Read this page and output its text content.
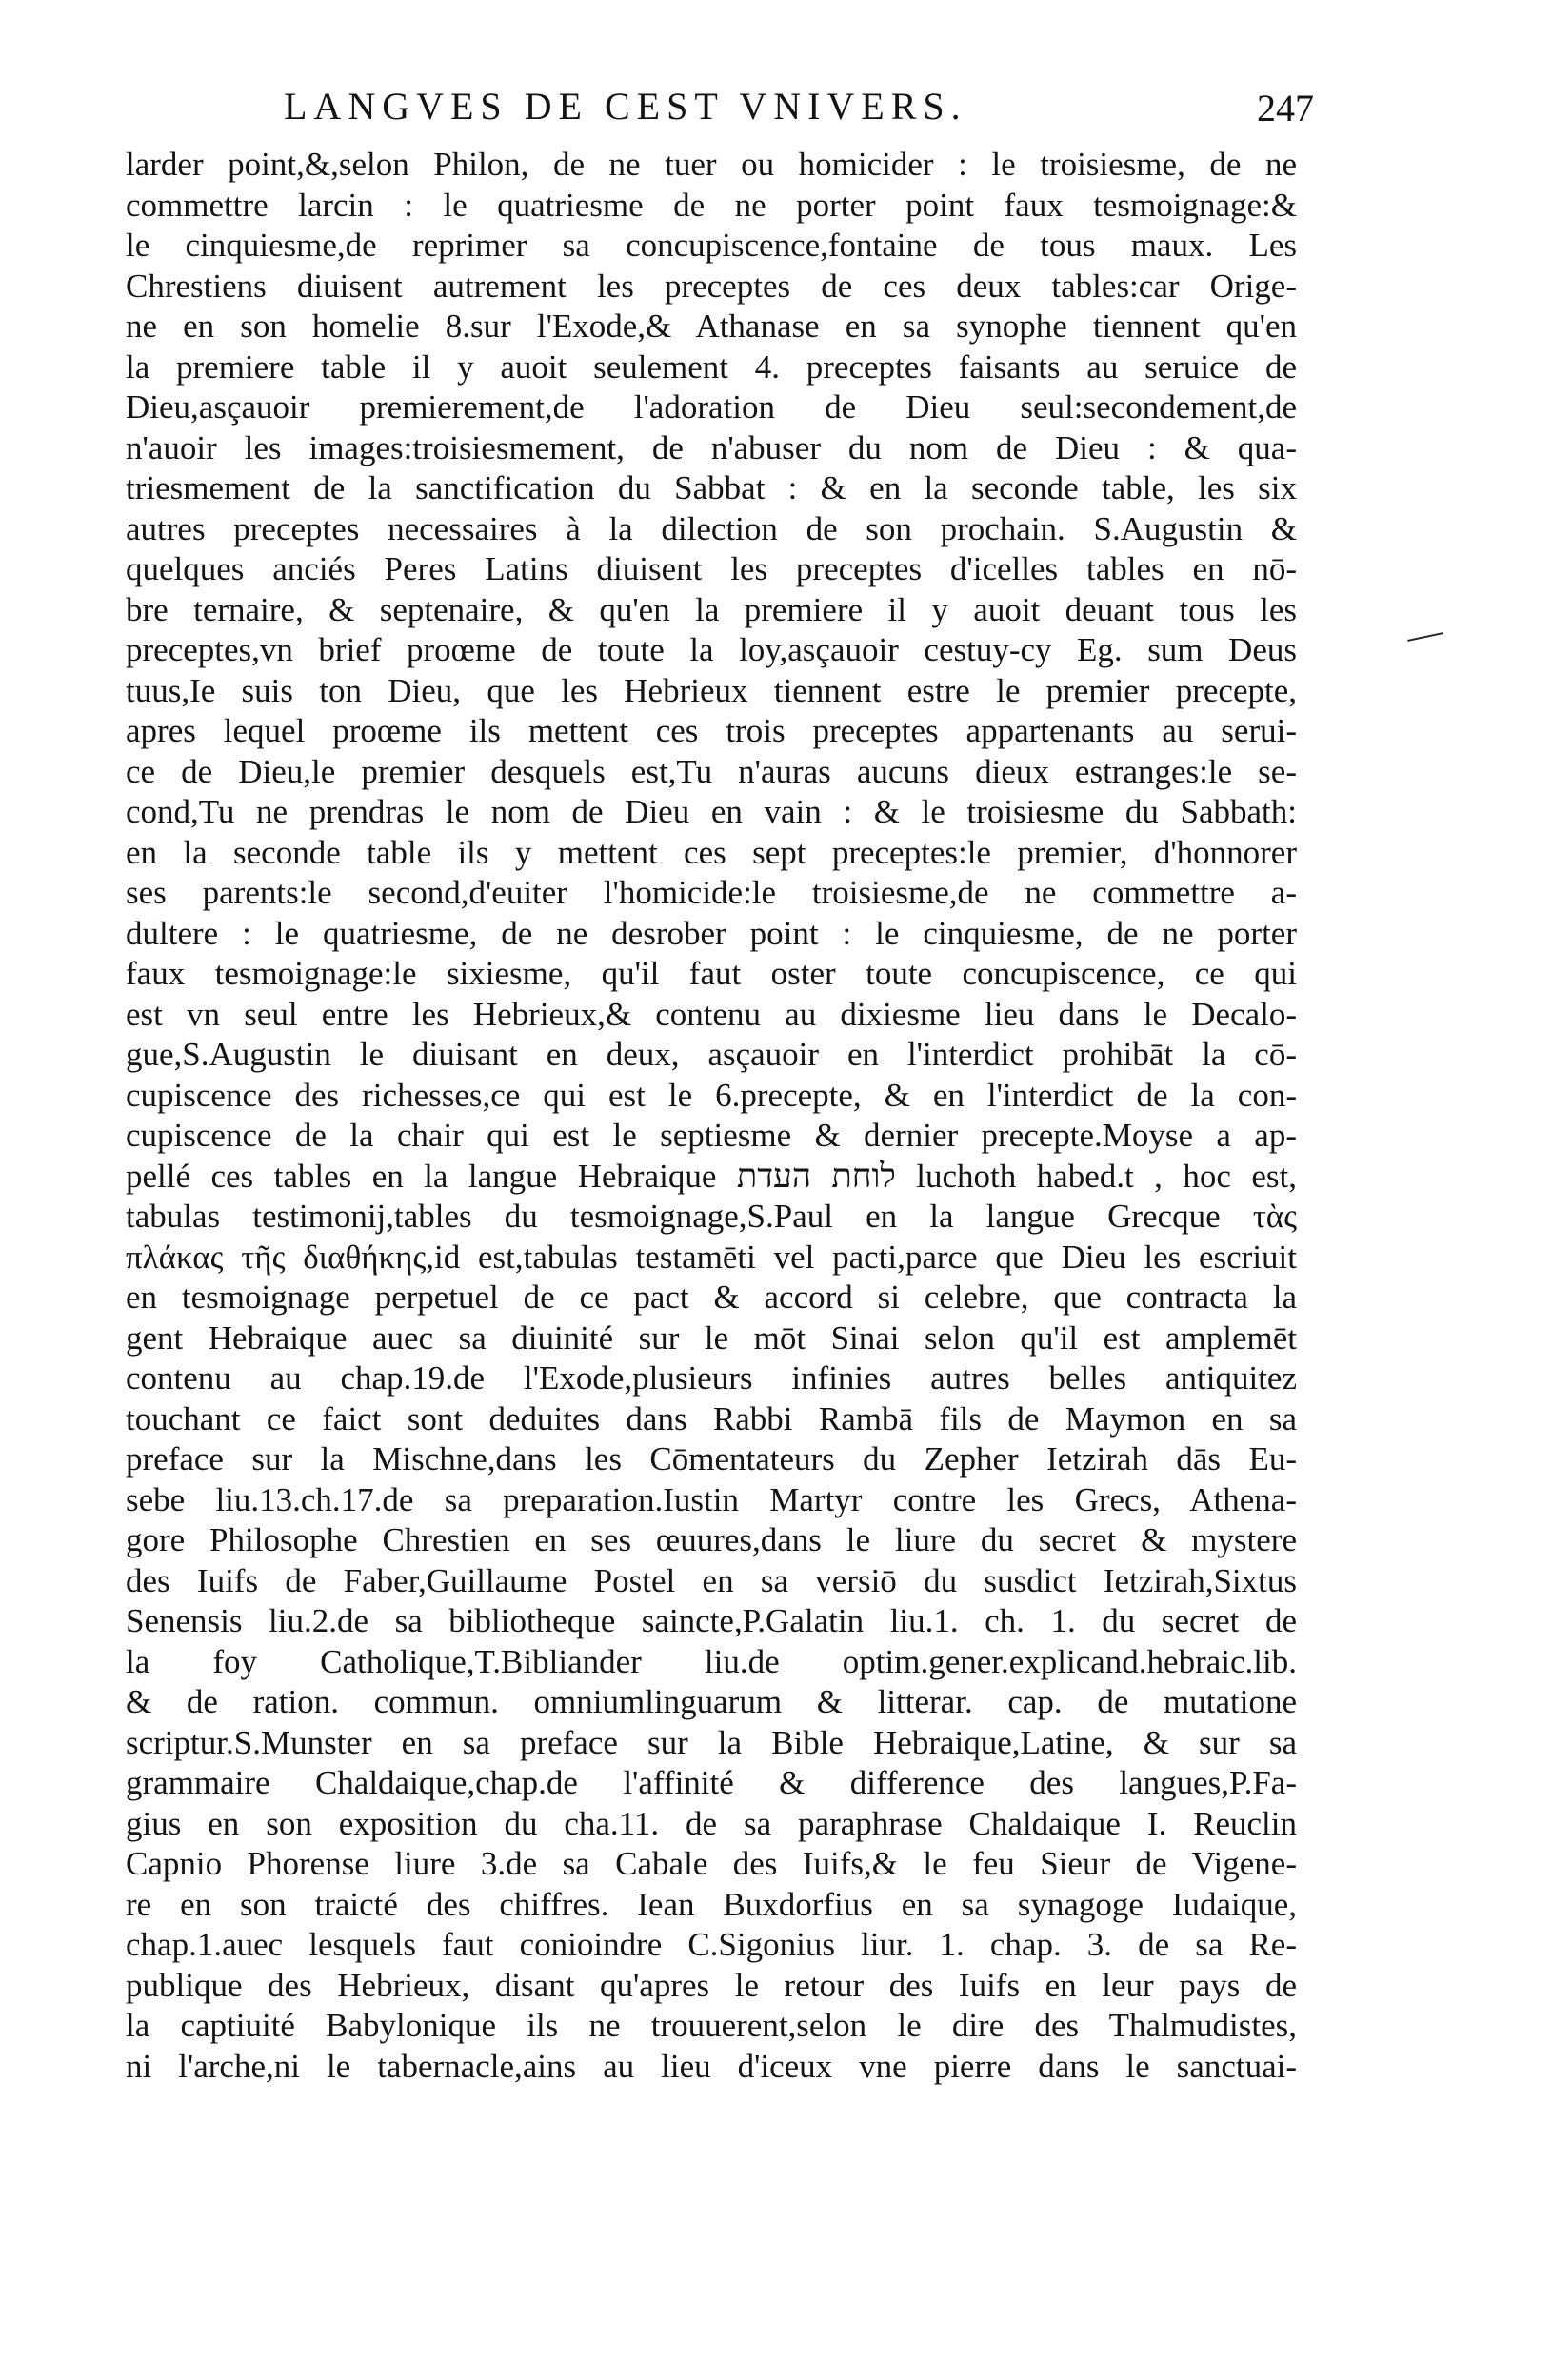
LANGVES DE CEST VNIVERS.	247
larder point,&,selon Philon, de ne tuer ou homicider : le troisiesme, de ne
commettre larcin : le quatriesme de ne porter point faux tesmoignage:&
le cinquiesme,de reprimer sa concupiscence,fontaine de tous maux. Les
Chrestiens diuisent autrement les preceptes de ces deux tables:car Orige-
ne en son homelie 8.sur l'Exode,& Athanase en sa synophe tiennent qu'en
la premiere table il y auoit seulement 4. preceptes faisants au seruice de
Dieu,asçauoir premierement,de l'adoration de Dieu seul:secondement,de
n'auoir les images:troisiesmement, de n'abuser du nom de Dieu : & qua-
triesmement de la sanctification du Sabbat : & en la seconde table, les six
autres preceptes necessaires à la dilection de son prochain. S.Augustin &
quelques anciés Peres Latins diuisent les preceptes d'icelles tables en nō-
bre ternaire, & septenaire, & qu'en la premiere il y auoit deuant tous les
preceptes,vn brief proœme de toute la loy,asçauoir cestuy-cy Eg. sum Deus
tuus,Ie suis ton Dieu, que les Hebrieux tiennent estre le premier precepte,
apres lequel proœme ils mettent ces trois preceptes appartenants au serui-
ce de Dieu,le premier desquels est,Tu n'auras aucuns dieux estranges:le se-
cond,Tu ne prendras le nom de Dieu en vain : & le troisiesme du Sabbath:
en la seconde table ils y mettent ces sept preceptes:le premier, d'honnorer
ses parents:le second,d'euiter l'homicide:le troisiesme,de ne commettre a-
dultere : le quatriesme, de ne desrober point : le cinquiesme, de ne porter
faux tesmoignage:le sixiesme, qu'il faut oster toute concupiscence, ce qui
est vn seul entre les Hebrieux,& contenu au dixiesme lieu dans le Decalo-
gue,S.Augustin le diuisant en deux, asçauoir en l'interdict prohibāt la cō-
cupiscence des richesses,ce qui est le 6.precepte, & en l'interdict de la con-
cupiscence de la chair qui est le septiesme & dernier precepte.Moyse a ap-
pellé ces tables en la langue Hebraique לוחת העדת luchoth habed.t , hoc est,
tabulas testimonij,tables du tesmoignage,S.Paul en la langue Grecque τὰς
πλάκας τῆς διαθήκης,id est,tabulas testamēti vel pacti,parce que Dieu les escriuit
en tesmoignage perpetuel de ce pact & accord si celebre, que contracta la
gent Hebraique auec sa diuinité sur le mōt Sinai selon qu'il est amplemēt
contenu au chap.19.de l'Exode,plusieurs infinies autres belles antiquitez
touchant ce faict sont deduites dans Rabbi Rambā fils de Maymon en sa
preface sur la Mischne,dans les Cōmentateurs du Zepher Ietzirah dās Eu-
sebe liu.13.ch.17.de sa preparation.Iustin Martyr contre les Grecs, Athena-
gore Philosophe Chrestien en ses œuures,dans le liure du secret & mystere
des Iuifs de Faber,Guillaume Postel en sa versiō du susdict Ietzirah,Sixtus
Senensis liu.2.de sa bibliotheque saincte,P.Galatin liu.1. ch. 1. du secret de
la foy Catholique,T.Bibliander liu.de optim.gener.explicand.hebraic.lib.
& de ration. commun. omniumlinguarum & litterar. cap. de mutatione
scriptur.S.Munster en sa preface sur la Bible Hebraique,Latine, & sur sa
grammaire Chaldaique,chap.de l'affinité & difference des langues,P.Fa-
gius en son exposition du cha.11. de sa paraphrase Chaldaique I. Reuclin
Capnio Phorense liure 3.de sa Cabale des Iuifs,& le feu Sieur de Vigene-
re en son traicté des chiffres. Iean Buxdorfius en sa synagoge Iudaique,
chap.1.auec lesquels faut conioindre C.Sigonius liur. 1. chap. 3. de sa Re-
publique des Hebrieux, disant qu'apres le retour des Iuifs en leur pays de
la captiuité Babylonique ils ne trouuerent,selon le dire des Thalmudistes,
ni l'arche,ni le tabernacle,ains au lieu d'iceux vne pierre dans le sanctuai-
